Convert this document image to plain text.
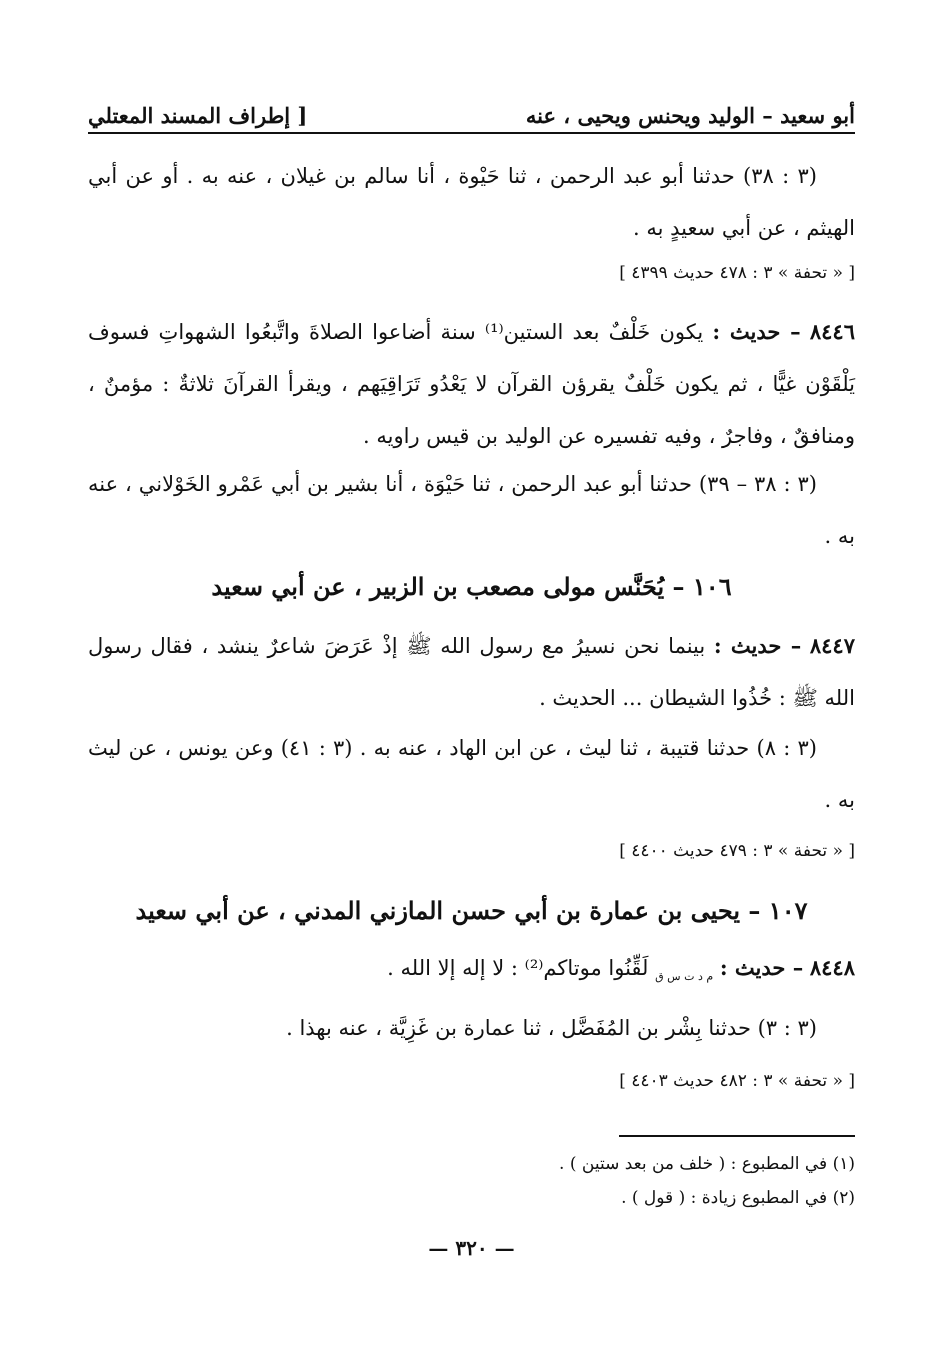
أبو سعيد – الوليد ويحنس ويحيى ، عنه
[ إطراف المسند المعتلي
(٣ : ٣٨) حدثنا أبو عبد الرحمن ، ثنا حَيْوة ، أنا سالم بن غيلان ، عنه به . أو عن أبي الهيثم ، عن أبي سعيدٍ به .
[ « تحفة » ٣ : ٤٧٨ حديث ٤٣٩٩ ]
٨٤٤٦ – حديث : يكون خَلْفٌ بعد الستين⁽¹⁾ سنة أضاعوا الصلاةَ واتَّبعُوا الشهواتِ فسوف يَلْقَوْن غيًّا ، ثم يكون خَلْفٌ يقرؤن القرآن لا يَعْدُو تَرَاقِيَهم ، ويقرأ القرآنَ ثلاثةٌ : مؤمنٌ ، ومنافقٌ ، وفاجرٌ ، وفيه تفسيره عن الوليد بن قيس راويه .
(٣ : ٣٨ – ٣٩) حدثنا أبو عبد الرحمن ، ثنا حَيْوَة ، أنا بشير بن أبي عَمْرو الخَوْلاني ، عنه به .
١٠٦ – يُحَنَّس مولى مصعب بن الزبير ، عن أبي سعيد
٨٤٤٧ – حديث : بينما نحن نسيرُ مع رسول الله ﷺ إذْ عَرَضَ شاعرٌ ينشد ، فقال رسول الله ﷺ : خُذُوا الشيطان ... الحديث .
(٣ : ٨) حدثنا قتيبة ، ثنا ليث ، عن ابن الهاد ، عنه به . (٣ : ٤١) وعن يونس ، عن ليث به .
[ « تحفة » ٣ : ٤٧٩ حديث ٤٤٠٠ ]
١٠٧ – يحيى بن عمارة بن أبي حسن المازني المدني ، عن أبي سعيد
٨٤٤٨ – حديث : $_{م د ت س ق}$ لَقِّنُوا موتاكم⁽²⁾ : لا إله إلا الله .
(٣ : ٣) حدثنا بِشْر بن المُفَضَّل ، ثنا عمارة بن غَزِيَّة ، عنه بهذا .
[ « تحفة » ٣ : ٤٨٢ حديث ٤٤٠٣ ]
(١) في المطبوع : ( خلف من بعد ستين ) .
(٢) في المطبوع زيادة : ( قول ) .
— ٣٢٠ —
